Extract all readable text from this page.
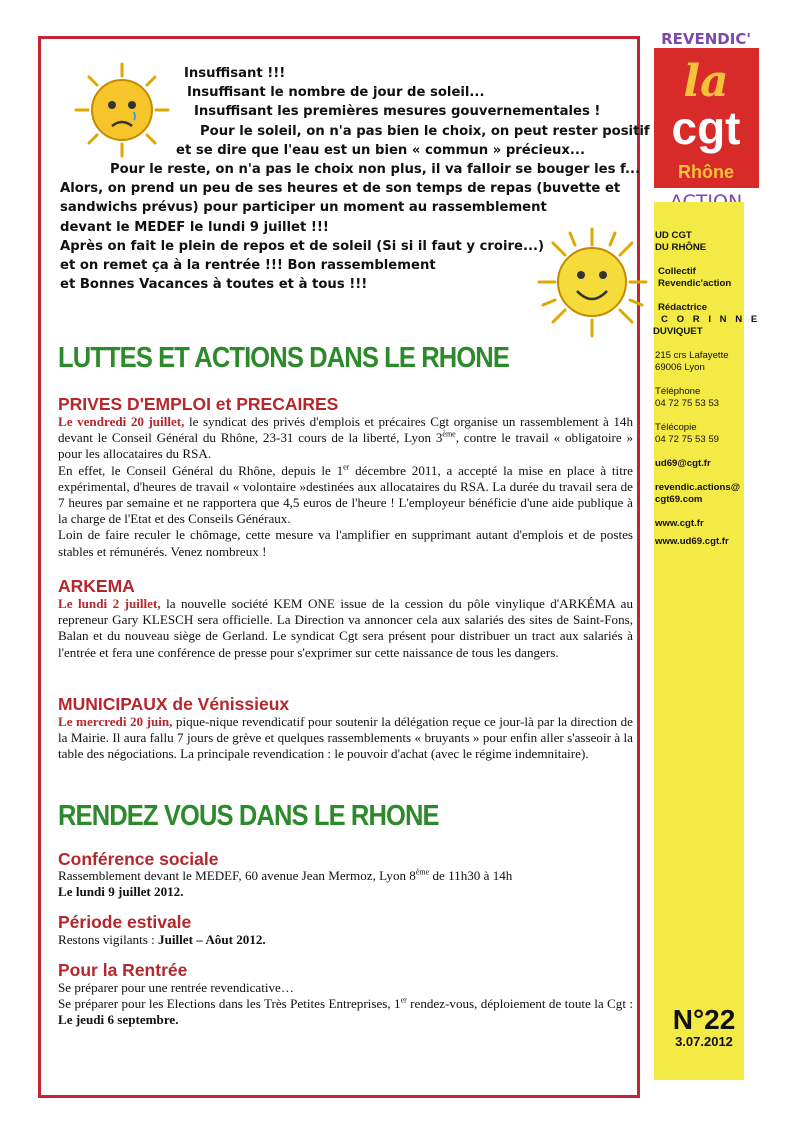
Insuffisant !!!
Insuffisant le nombre de jour de soleil...
Insuffisant les premières mesures gouvernementales !
Pour le soleil, on n'a pas bien le choix, on peut rester positif
et se dire que l'eau est un bien « commun » précieux...
Pour le reste, on n'a pas le choix non plus, il va falloir se bouger les f...
Alors, on prend un peu de ses heures et de son temps de repas (buvette et
sandwichs prévus) pour participer un moment au rassemblement
devant le MEDEF le lundi 9 juillet !!!
Après on fait le plein de repos et de soleil (Si si il faut y croire...)
et on remet ça à la rentrée !!! Bon rassemblement
et Bonnes Vacances à toutes et à tous !!!
REVENDIC'
la
cgt
Rhône
UD CGT
DU RHÔNE
Collectif
Revendic'action
Rédactrice
C O R I N N E
DUVIQUET
215 crs Lafayette
69006 Lyon
Téléphone
04 72 75 53 53
Télécopie
04 72 75 53 59
ud69@cgt.fr
revendic.actions@
cgt69.com
www.cgt.fr
www.ud69.cgt.fr
N°22
3.07.2012
LUTTES ET ACTIONS DANS LE RHONE
PRIVES D'EMPLOI et PRECAIRES
Le vendredi 20 juillet, le syndicat des privés d'emplois et précaires Cgt organise un rassemblement à 14h devant le Conseil Général du Rhône, 23-31 cours de la liberté, Lyon 3ème, contre le travail « obligatoire » pour les allocataires du RSA.
En effet, le Conseil Général du Rhône, depuis le 1er décembre 2011, a accepté la mise en place à titre expérimental, d'heures de travail « volontaire »destinées aux allocataires du RSA. La durée du travail sera de 7 heures par semaine et ne rapportera que 4,5 euros de l'heure ! L'employeur bénéficie d'une aide publique à la charge de l'Etat et des Conseils Généraux.
Loin de faire reculer le chômage, cette mesure va l'amplifier en supprimant autant d'emplois et de postes stables et rémunérés. Venez nombreux !
ARKEMA
Le lundi 2 juillet, la nouvelle société KEM ONE issue de la cession du pôle vinylique d'ARKÉMA au repreneur Gary KLESCH sera officielle. La Direction va annoncer cela aux salariés des sites de Saint-Fons, Balan et du nouveau siège de Gerland. Le syndicat Cgt sera présent pour distribuer un tract aux salariés à l'entrée et fera une conférence de presse pour s'exprimer sur cette naissance de tous les dangers.
MUNICIPAUX de Vénissieux
Le mercredi 20 juin, pique-nique revendicatif pour soutenir la délégation reçue ce jour-là par la direction de la Mairie. Il aura fallu 7 jours de grève et quelques rassemblements « bruyants » pour enfin aller s'asseoir à la table des négociations. La principale revendication : le pouvoir d'achat (avec le régime indemnitaire).
RENDEZ VOUS DANS LE RHONE
Conférence sociale
Rassemblement devant le MEDEF, 60 avenue Jean Mermoz, Lyon 8ème de 11h30 à 14h
Le lundi 9 juillet 2012.
Période estivale
Restons vigilants : Juillet – Aôut 2012.
Pour la Rentrée
Se préparer pour une rentrée revendicative…
Se préparer pour les Elections dans les Très Petites Entreprises, 1er rendez-vous, déploiement de toute la Cgt : Le jeudi 6 septembre.
